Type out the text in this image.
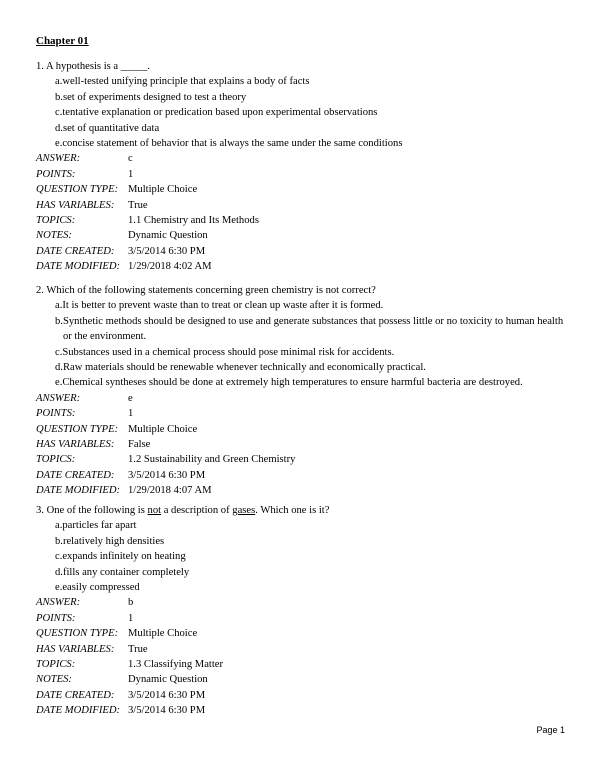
Chapter 01

1. A hypothesis is a _____.

a. well-tested unifying principle that explains a body of facts
b. set of experiments designed to test a theory
c. tentative explanation or predication based upon experimental observations
d. set of quantitative data
e. concise statement of behavior that is always the same under the same conditions
ANSWER:	c
POINTS:	1
QUESTION TYPE: Multiple Choice
HAS VARIABLES:	True
TOPICS:	1.1 Chemistry and Its Methods
NOTES:	Dynamic Question
DATE CREATED:	3/5/2014 6:30 PM
DATE MODIFIED: 1/29/2018 4:02 AM

2. Which of the following statements concerning green chemistry is not correct?

a. It is better to prevent waste than to treat or clean up waste after it is formed.
b. Synthetic methods should be designed to use and generate substances that possess little or no toxicity to human health or the environment.
c. Substances used in a chemical process should pose minimal risk for accidents.
d. Raw materials should be renewable whenever technically and economically practical.
e. Chemical syntheses should be done at extremely high temperatures to ensure harmful bacteria are destroyed.
ANSWER:	e
POINTS:	1
QUESTION TYPE: Multiple Choice
HAS VARIABLES:	False
TOPICS:	1.2 Sustainability and Green Chemistry
DATE CREATED:	3/5/2014 6:30 PM
DATE MODIFIED: 1/29/2018 4:07 AM

3. One of the following is not a description of gases. Which one is it?

a. particles far apart
b. relatively high densities
c. expands infinitely on heating
d. fills any container completely
e. easily compressed
ANSWER:	b
POINTS:	1
QUESTION TYPE: Multiple Choice
HAS VARIABLES:	True
TOPICS:	1.3 Classifying Matter
NOTES:	Dynamic Question
DATE CREATED:	3/5/2014 6:30 PM
DATE MODIFIED: 3/5/2014 6:30 PM
Page 1
